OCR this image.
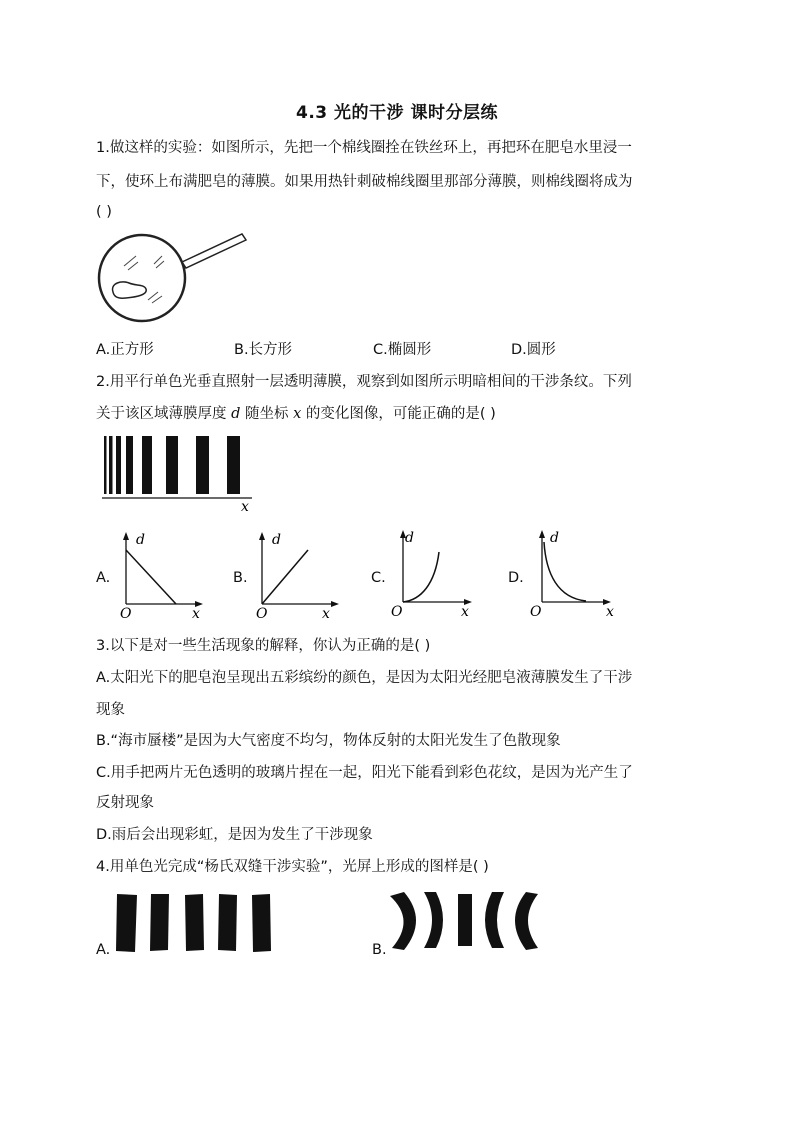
4.3 光的干涉 课时分层练
1.做这样的实验：如图所示，先把一个棉线圈拴在铁丝环上，再把环在肥皂水里浸一
下，使环上布满肥皂的薄膜。如果用热针刺破棉线圈里那部分薄膜，则棉线圈将成为
( )
A.正方形	B.长方形	C.椭圆形	D.圆形
2.用平行单色光垂直照射一层透明薄膜，观察到如图所示明暗相间的干涉条纹。下列
关于该区域薄膜厚度 d 随坐标 x 的变化图像，可能正确的是( )
x
A.
d
x
O
B.
d
x
O
C.
d
x
O
D.
d
x
O
3.以下是对一些生活现象的解释，你认为正确的是( )
A.太阳光下的肥皂泡呈现出五彩缤纷的颜色，是因为太阳光经肥皂液薄膜发生了干涉
现象
B.“海市蜃楼”是因为大气密度不均匀，物体反射的太阳光发生了色散现象
C.用手把两片无色透明的玻璃片捏在一起，阳光下能看到彩色花纹，是因为光产生了
反射现象
D.雨后会出现彩虹，是因为发生了干涉现象
4.用单色光完成“杨氏双缝干涉实验”，光屏上形成的图样是( )
A.	B.
